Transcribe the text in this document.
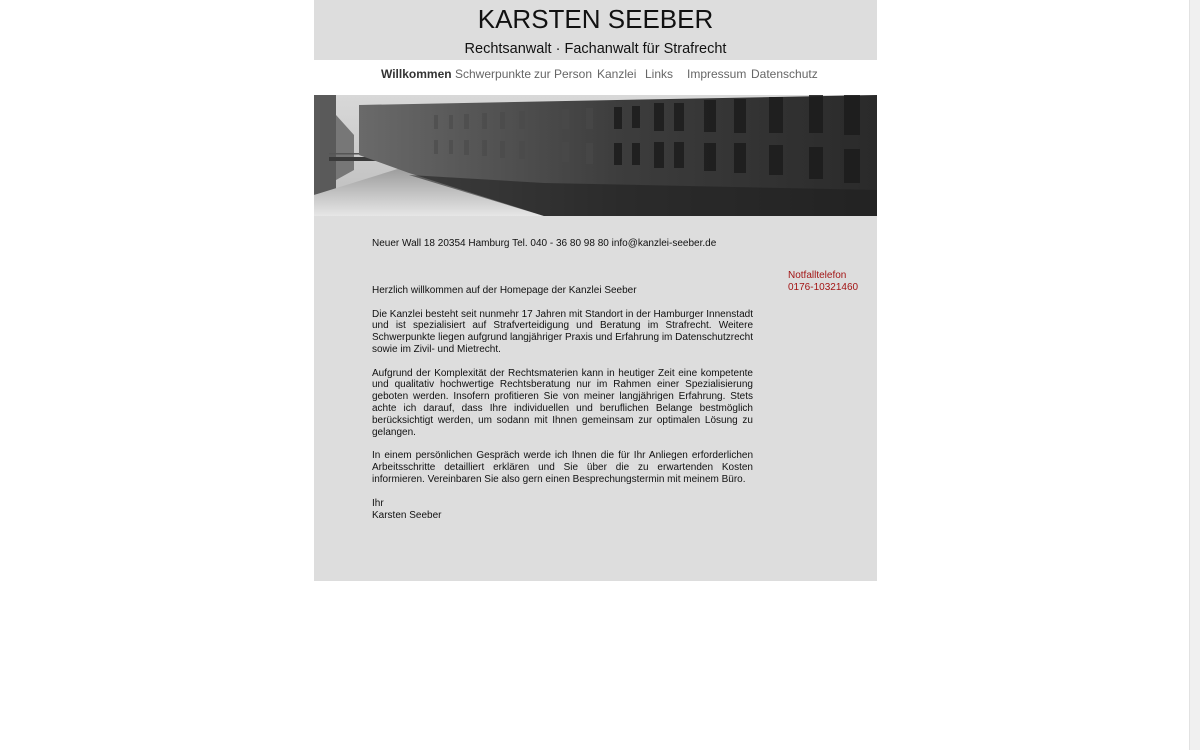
KARSTEN SEEBER
Rechtsanwalt · Fachanwalt für Strafrecht
Willkommen Schwerpunkte zur Person Kanzlei Links Impressum Datenschutz
Neuer Wall 18 20354 Hamburg Tel. 040 - 36 80 98 80 info@kanzlei-seeber.de
Notfalltelefon
0176-10321460

Herzlich willkommen auf der Homepage der Kanzlei Seeber

Die Kanzlei besteht seit nunmehr 17 Jahren mit Standort in der Hamburger Innenstadt und ist spezialisiert auf Strafverteidigung und Beratung im Strafrecht. Weitere Schwerpunkte liegen aufgrund langjähriger Praxis und Erfahrung im Datenschutzrecht sowie im Zivil- und Mietrecht.

Aufgrund der Komplexität der Rechtsmaterien kann in heutiger Zeit eine kompetente und qualitativ hochwertige Rechtsberatung nur im Rahmen einer Spezialisierung geboten werden. Insofern profitieren Sie von meiner langjährigen Erfahrung. Stets achte ich darauf, dass Ihre individuellen und beruflichen Belange bestmöglich berücksichtigt werden, um sodann mit Ihnen gemeinsam zur optimalen Lösung zu gelangen.

In einem persönlichen Gespräch werde ich Ihnen die für Ihr Anliegen erforderlichen Arbeitsschritte detailliert erklären und Sie über die zu erwartenden Kosten informieren. Vereinbaren Sie also gern einen Besprechungstermin mit meinem Büro.

Ihr
Karsten Seeber
